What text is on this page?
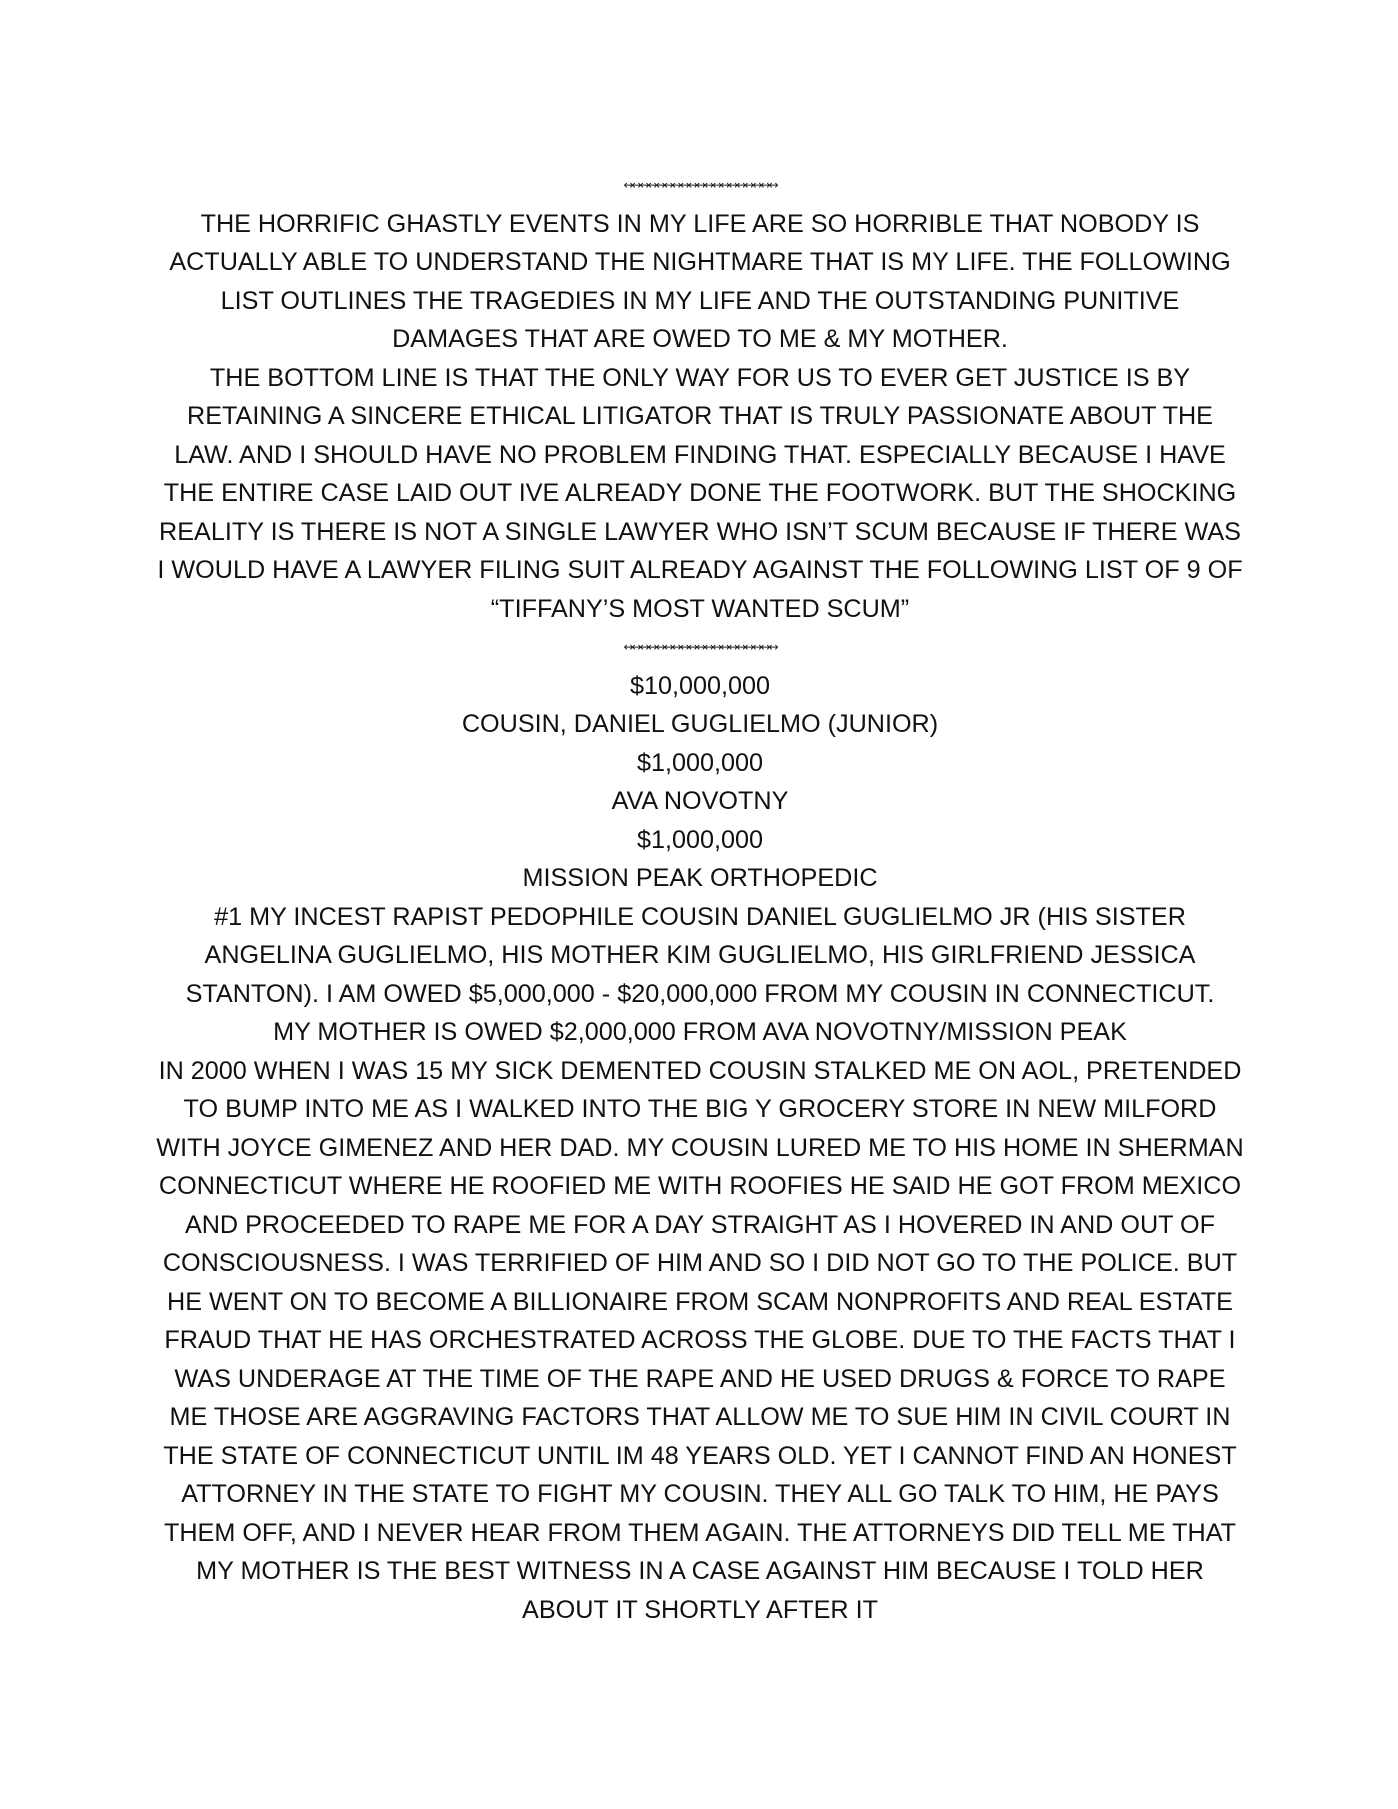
↔↔↔↔↔↔↔↔↔↔↔↔↔↔↔↔↔↔↔

THE HORRIFIC GHASTLY EVENTS IN MY LIFE ARE SO HORRIBLE THAT NOBODY IS ACTUALLY ABLE TO UNDERSTAND THE NIGHTMARE THAT IS MY LIFE. THE FOLLOWING LIST OUTLINES THE TRAGEDIES IN MY LIFE AND THE OUTSTANDING PUNITIVE DAMAGES THAT ARE OWED TO ME & MY MOTHER.

THE BOTTOM LINE IS THAT THE ONLY WAY FOR US TO EVER GET JUSTICE IS BY RETAINING A SINCERE ETHICAL LITIGATOR THAT IS TRULY PASSIONATE ABOUT THE LAW. AND I SHOULD HAVE NO PROBLEM FINDING THAT. ESPECIALLY BECAUSE I HAVE THE ENTIRE CASE LAID OUT IVE ALREADY DONE THE FOOTWORK. BUT THE SHOCKING REALITY IS THERE IS NOT A SINGLE LAWYER WHO ISN’T SCUM BECAUSE IF THERE WAS I WOULD HAVE A LAWYER FILING SUIT ALREADY AGAINST THE FOLLOWING LIST OF 9 OF “TIFFANY’S MOST WANTED SCUM”

↔↔↔↔↔↔↔↔↔↔↔↔↔↔↔↔↔↔↔
$10,000,000
COUSIN, DANIEL GUGLIELMO (JUNIOR)
$1,000,000
AVA NOVOTNY
$1,000,000
MISSION PEAK ORTHOPEDIC

#1 MY INCEST RAPIST PEDOPHILE COUSIN DANIEL GUGLIELMO JR (HIS SISTER ANGELINA GUGLIELMO, HIS MOTHER KIM GUGLIELMO, HIS GIRLFRIEND JESSICA STANTON). I AM OWED $5,000,000 - $20,000,000 FROM MY COUSIN IN CONNECTICUT.

MY MOTHER IS OWED $2,000,000 FROM AVA NOVOTNY/MISSION PEAK

IN 2000 WHEN I WAS 15 MY SICK DEMENTED COUSIN STALKED ME ON AOL, PRETENDED TO BUMP INTO ME AS I WALKED INTO THE BIG Y GROCERY STORE IN NEW MILFORD WITH JOYCE GIMENEZ AND HER DAD. MY COUSIN LURED ME TO HIS HOME IN SHERMAN CONNECTICUT WHERE HE ROOFIED ME WITH ROOFIES HE SAID HE GOT FROM MEXICO AND PROCEEDED TO RAPE ME FOR A DAY STRAIGHT AS I HOVERED IN AND OUT OF CONSCIOUSNESS. I WAS TERRIFIED OF HIM AND SO I DID NOT GO TO THE POLICE. BUT HE WENT ON TO BECOME A BILLIONAIRE FROM SCAM NONPROFITS AND REAL ESTATE FRAUD THAT HE HAS ORCHESTRATED ACROSS THE GLOBE. DUE TO THE FACTS THAT I WAS UNDERAGE AT THE TIME OF THE RAPE AND HE USED DRUGS & FORCE TO RAPE ME THOSE ARE AGGRAVING FACTORS THAT ALLOW ME TO SUE HIM IN CIVIL COURT IN THE STATE OF CONNECTICUT UNTIL IM 48 YEARS OLD. YET I CANNOT FIND AN HONEST ATTORNEY IN THE STATE TO FIGHT MY COUSIN. THEY ALL GO TALK TO HIM, HE PAYS THEM OFF, AND I NEVER HEAR FROM THEM AGAIN. THE ATTORNEYS DID TELL ME THAT MY MOTHER IS THE BEST WITNESS IN A CASE AGAINST HIM BECAUSE I TOLD HER ABOUT IT SHORTLY AFTER IT
